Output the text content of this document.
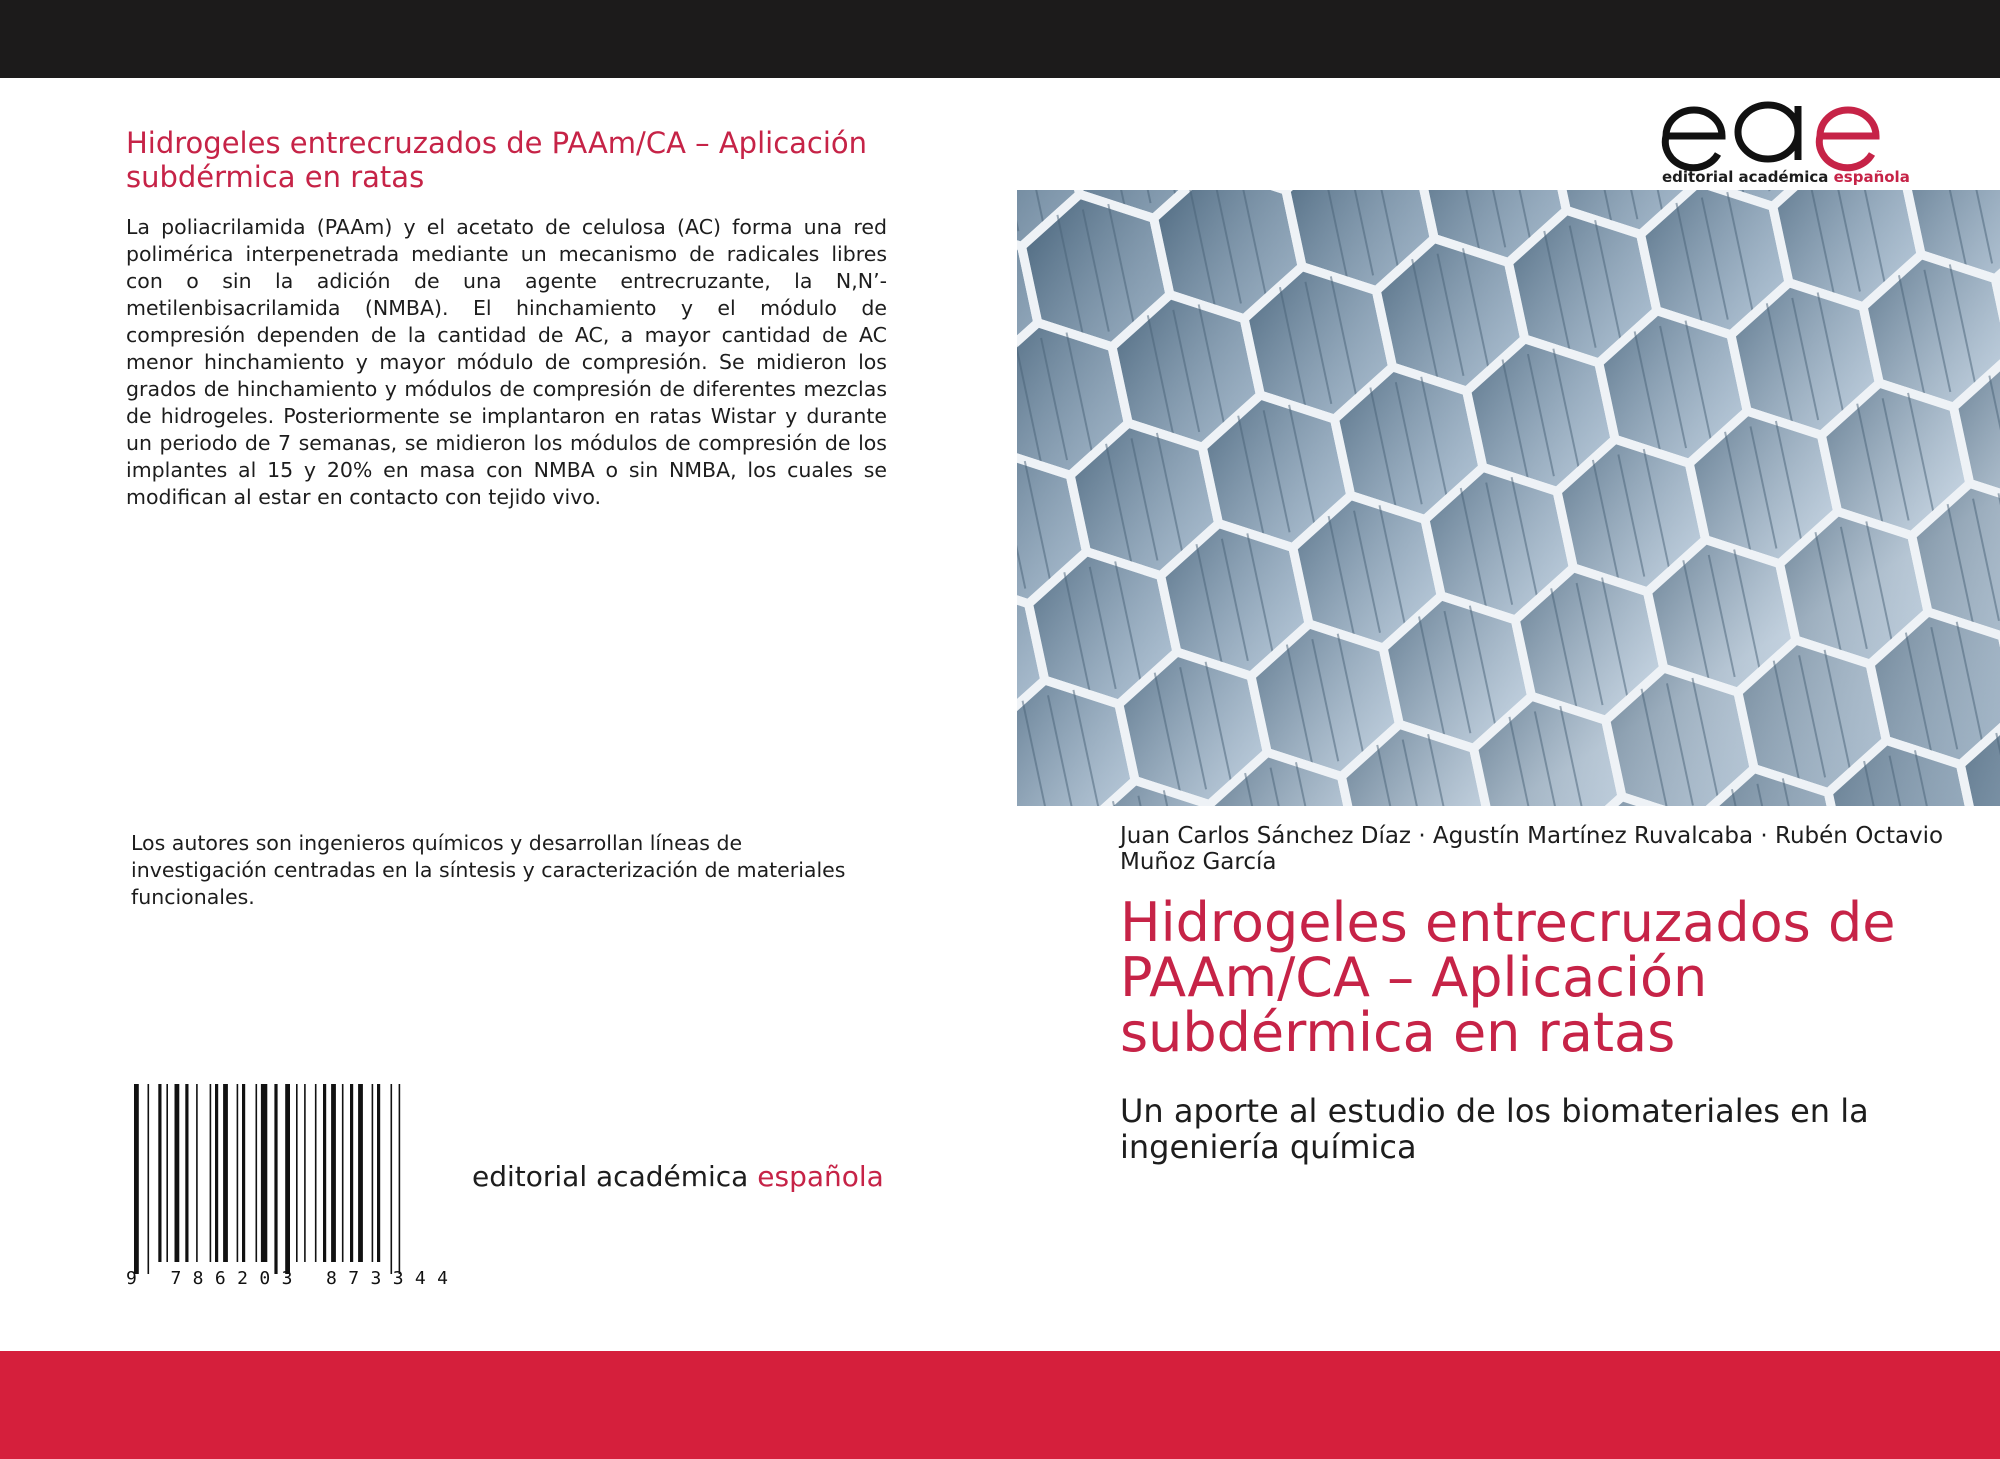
Hidrogeles entrecruzados de PAAm/CA – Aplicación subdérmica en ratas

La poliacrilamida (PAAm) y el acetato de celulosa (AC) forma una red polimérica interpenetrada mediante un mecanismo de radicales libres con o sin la adición de una agente entrecruzante, la N,N’-metilenbisacrilamida (NMBA). El hinchamiento y el módulo de compresión dependen de la cantidad de AC, a mayor cantidad de AC menor hinchamiento y mayor módulo de compresión. Se midieron los grados de hinchamiento y módulos de compresión de diferentes mezclas de hidrogeles. Posteriormente se implantaron en ratas Wistar y durante un periodo de 7 semanas, se midieron los módulos de compresión de los implantes al 15 y 20% en masa con NMBA o sin NMBA, los cuales se modifican al estar en contacto con tejido vivo.

Los autores son ingenieros químicos y desarrollan líneas de investigación centradas en la síntesis y caracterización de materiales funcionales.

9 786203 873344
editorial académica española
editorial académica española

Juan Carlos Sánchez Díaz · Agustín Martínez Ruvalcaba · Rubén Octavio Muñoz García

Hidrogeles entrecruzados de PAAm/CA – Aplicación subdérmica en ratas

Un aporte al estudio de los biomateriales en la ingeniería química
